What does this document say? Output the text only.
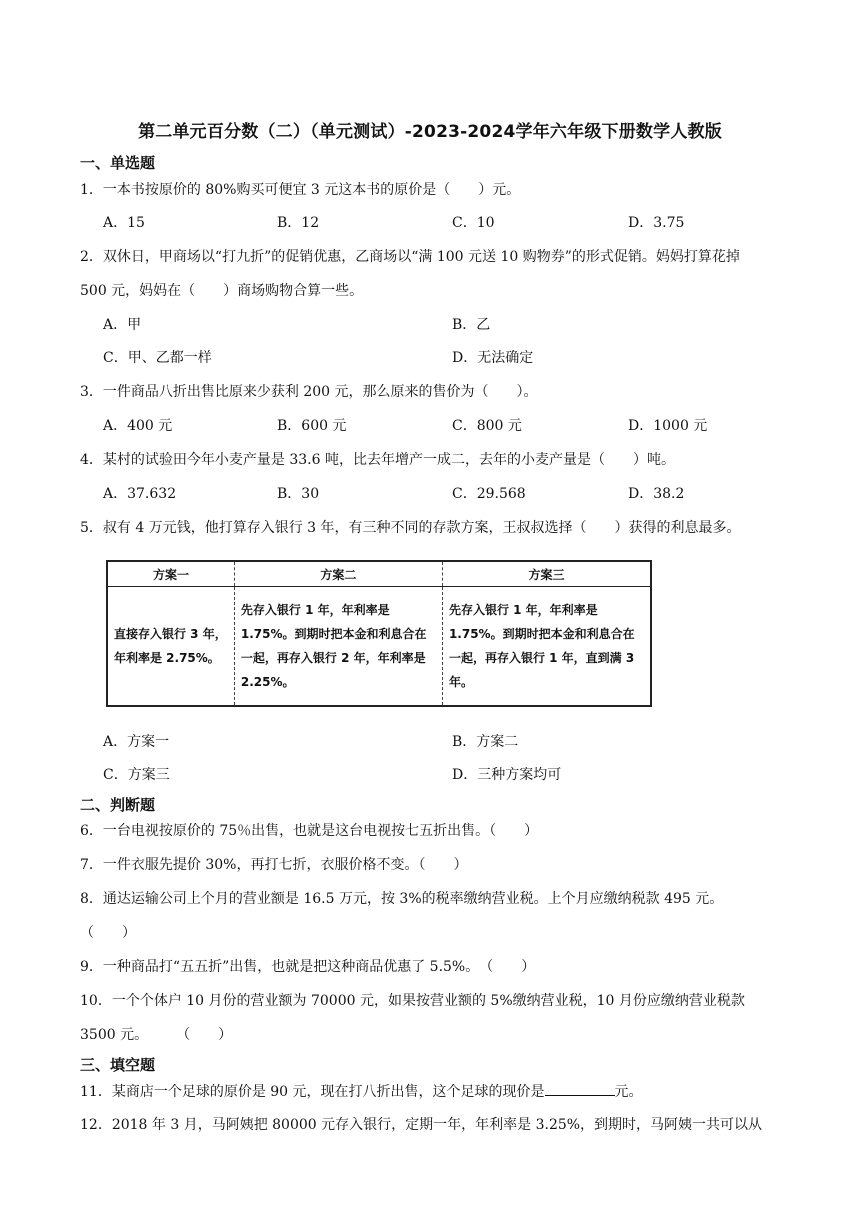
第二单元百分数（二）（单元测试）-2023-2024学年六年级下册数学人教版
一、单选题
1．一本书按原价的 80%购买可便宜 3 元这本书的原价是（　　）元。
A．15	B．12	C．10	D．3.75
2．双休日，甲商场以“打九折”的促销优惠，乙商场以“满 100 元送 10 购物券”的形式促销。妈妈打算花掉
500 元，妈妈在（　　）商场购物合算一些。
A．甲	B．乙
C．甲、乙都一样	D．无法确定
3．一件商品八折出售比原来少获利 200 元，那么原来的售价为（　　）。
A．400 元	B．600 元	C．800 元	D．1000 元
4．某村的试验田今年小麦产量是 33.6 吨，比去年增产一成二，去年的小麦产量是（　　）吨。
A．37.632	B．30	C．29.568	D．38.2
5．叔有 4 万元钱，他打算存入银行 3 年，有三种不同的存款方案，王叔叔选择（　　）获得的利息最多。
方案一	方案二	方案三
直接存入银行 3 年，年利率是 2.75%。	先存入银行 1 年，年利率是 1.75%。到期时把本金和利息合在一起，再存入银行 2 年，年利率是 2.25%。	先存入银行 1 年，年利率是 1.75%。到期时把本金和利息合在一起，再存入银行 1 年，直到满 3 年。
A．方案一	B．方案二
C．方案三	D．三种方案均可
二、判断题
6．一台电视按原价的 75％出售，也就是这台电视按七五折出售。（　　）
7．一件衣服先提价 30%，再打七折，衣服价格不变。（　　）
8．通达运输公司上个月的营业额是 16.5 万元，按 3%的税率缴纳营业税。上个月应缴纳税款 495 元。
（　　）
9．一种商品打“五五折”出售，也就是把这种商品优惠了 5.5%。　（　　）
10．一个个体户 10 月份的营业额为 70000 元，如果按营业额的 5%缴纳营业税，10 月份应缴纳营业税款
3500 元。　　　（　　）
三、填空题
11．某商店一个足球的原价是 90 元，现在打八折出售，这个足球的现价是	元。
12．2018 年 3 月，马阿姨把 80000 元存入银行，定期一年，年利率是 3.25%，到期时，马阿姨一共可以从
